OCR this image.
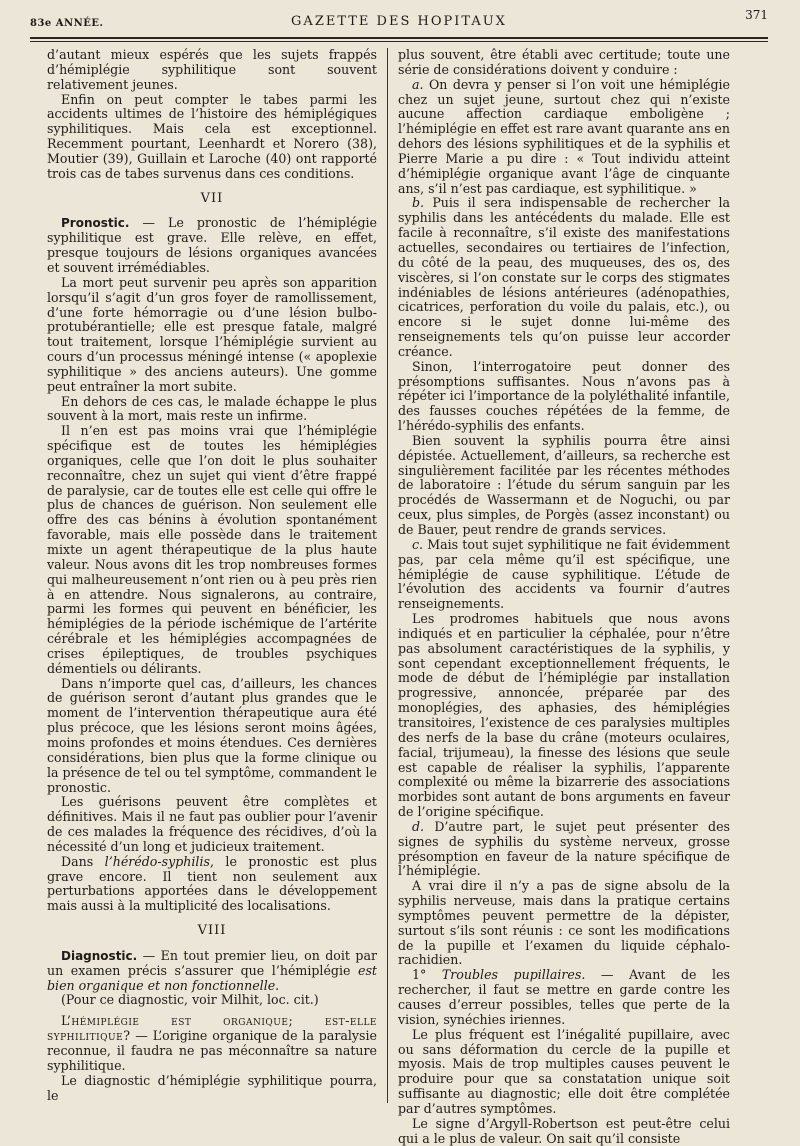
83e ANNÉE.	GAZETTE DES HOPITAUX	371

d’autant mieux espérés que les sujets frappés d’hémiplégie syphilitique sont souvent relativement jeunes.

Enfin on peut compter le tabes parmi les accidents ultimes de l’histoire des hémiplégiques syphilitiques. Mais cela est exceptionnel. Recemment pourtant, Leenhardt et Norero (38), Moutier (39), Guillain et Laroche (40) ont rapporté trois cas de tabes survenus dans ces conditions.

VII

Pronostic. — Le pronostic de l’hémiplégie syphilitique est grave. Elle relève, en effet, presque toujours de lésions organiques avancées et souvent irrémédiables.

La mort peut survenir peu après son apparition lorsqu’il s’agit d’un gros foyer de ramollissement, d’une forte hémorragie ou d’une lésion bulbo-protubérantielle; elle est presque fatale, malgré tout traitement, lorsque l’hémiplégie survient au cours d’un processus méningé intense (« apoplexie syphilitique » des anciens auteurs). Une gomme peut entraîner la mort subite.

En dehors de ces cas, le malade échappe le plus souvent à la mort, mais reste un infirme.

Il n’en est pas moins vrai que l’hémiplégie spécifique est de toutes les hémiplégies organiques, celle que l’on doit le plus souhaiter reconnaître, chez un sujet qui vient d’être frappé de paralysie, car de toutes elle est celle qui offre le plus de chances de guérison. Non seulement elle offre des cas bénins à évolution spontanément favorable, mais elle possède dans le traitement mixte un agent thérapeutique de la plus haute valeur. Nous avons dit les trop nombreuses formes qui malheureusement n’ont rien ou à peu près rien à en attendre. Nous signalerons, au contraire, parmi les formes qui peuvent en bénéficier, les hémiplégies de la période ischémique de l’artérite cérébrale et les hémiplégies accompagnées de crises épileptiques, de troubles psychiques démentiels ou délirants.

Dans n’importe quel cas, d’ailleurs, les chances de guérison seront d’autant plus grandes que le moment de l’intervention thérapeutique aura été plus précoce, que les lésions seront moins âgées, moins profondes et moins étendues. Ces dernières considérations, bien plus que la forme clinique ou la présence de tel ou tel symptôme, commandent le pronostic.

Les guérisons peuvent être complètes et définitives. Mais il ne faut pas oublier pour l’avenir de ces malades la fréquence des récidives, d’où la nécessité d’un long et judicieux traitement.

Dans l’hérédo-syphilis, le pronostic est plus grave encore. Il tient non seulement aux perturbations apportées dans le développement mais aussi à la multiplicité des localisations.

VIII

Diagnostic. — En tout premier lieu, on doit par un examen précis s’assurer que l’hémiplégie est bien organique et non fonctionnelle.

(Pour ce diagnostic, voir Milhit, loc. cit.)

L’hémiplégie est organique; est-elle syphilitique? — L’origine organique de la paralysie reconnue, il faudra ne pas méconnaître sa nature syphilitique.

Le diagnostic d’hémiplégie syphilitique pourra, le

plus souvent, être établi avec certitude; toute une série de considérations doivent y conduire :

a. On devra y penser si l’on voit une hémiplégie chez un sujet jeune, surtout chez qui n’existe aucune affection cardiaque emboligène ; l’hémiplégie en effet est rare avant quarante ans en dehors des lésions syphilitiques et de la syphilis et Pierre Marie a pu dire : « Tout individu atteint d’hémiplégie organique avant l’âge de cinquante ans, s’il n’est pas cardiaque, est syphilitique. »

b. Puis il sera indispensable de rechercher la syphilis dans les antécédents du malade. Elle est facile à reconnaître, s’il existe des manifestations actuelles, secondaires ou tertiaires de l’infection, du côté de la peau, des muqueuses, des os, des viscères, si l’on constate sur le corps des stigmates indéniables de lésions antérieures (adénopathies, cicatrices, perforation du voile du palais, etc.), ou encore si le sujet donne lui-même des renseignements tels qu’on puisse leur accorder créance.

Sinon, l’interrogatoire peut donner des présomptions suffisantes. Nous n’avons pas à répéter ici l’importance de la polyléthalité infantile, des fausses couches répétées de la femme, de l’hérédo-syphilis des enfants.

Bien souvent la syphilis pourra être ainsi dépistée. Actuellement, d’ailleurs, sa recherche est singulièrement facilitée par les récentes méthodes de laboratoire : l’étude du sérum sanguin par les procédés de Wassermann et de Noguchi, ou par ceux, plus simples, de Porgès (assez inconstant) ou de Bauer, peut rendre de grands services.

c. Mais tout sujet syphilitique ne fait évidemment pas, par cela même qu’il est spécifique, une hémiplégie de cause syphilitique. L’étude de l’évolution des accidents va fournir d’autres renseignements.

Les prodromes habituels que nous avons indiqués et en particulier la céphalée, pour n’être pas absolument caractéristiques de la syphilis, y sont cependant exceptionnellement fréquents, le mode de début de l’hémiplégie par installation progressive, annoncée, préparée par des monoplégies, des aphasies, des hémiplégies transitoires, l’existence de ces paralysies multiples des nerfs de la base du crâne (moteurs oculaires, facial, trijumeau), la finesse des lésions que seule est capable de réaliser la syphilis, l’apparente complexité ou même la bizarrerie des associations morbides sont autant de bons arguments en faveur de l’origine spécifique.

d. D’autre part, le sujet peut présenter des signes de syphilis du système nerveux, grosse présomption en faveur de la nature spécifique de l’hémiplégie.

A vrai dire il n’y a pas de signe absolu de la syphilis nerveuse, mais dans la pratique certains symptômes peuvent permettre de la dépister, surtout s’ils sont réunis : ce sont les modifications de la pupille et l’examen du liquide céphalo-rachidien.

1° Troubles pupillaires. — Avant de les rechercher, il faut se mettre en garde contre les causes d’erreur possibles, telles que perte de la vision, synéchies iriennes.

Le plus fréquent est l’inégalité pupillaire, avec ou sans déformation du cercle de la pupille et myosis. Mais de trop multiples causes peuvent le produire pour que sa constatation unique soit suffisante au diagnostic; elle doit être complétée par d’autres symptômes.

Le signe d’Argyll-Robertson est peut-être celui qui a le plus de valeur. On sait qu’il consiste
